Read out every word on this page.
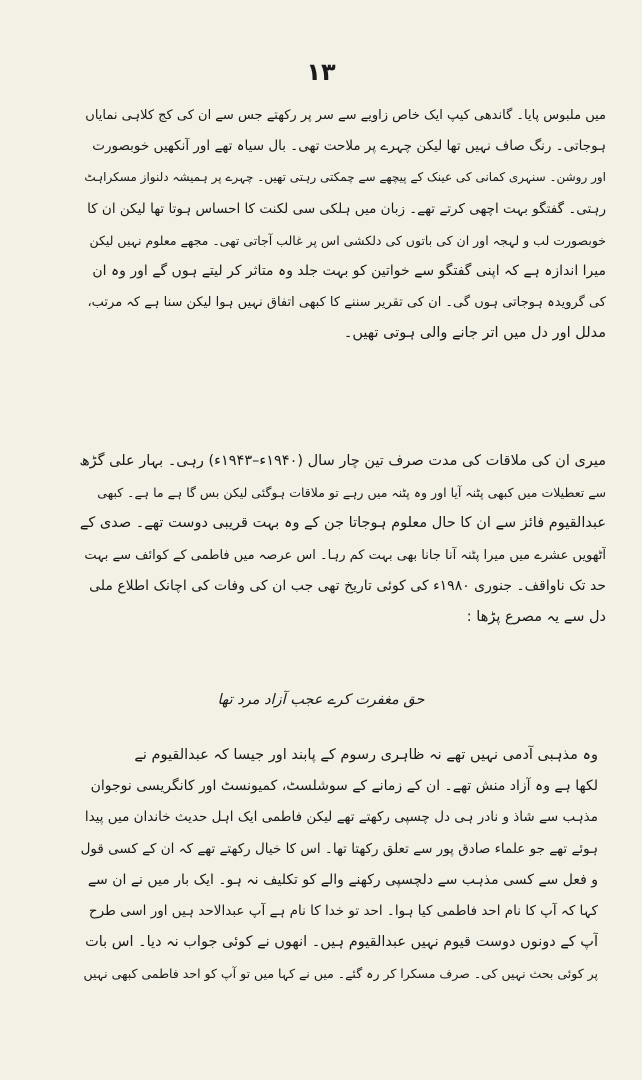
۱۳
میں ملبوس پایا۔ گاندھی کیپ ایک خاص زاویے سے سر پر رکھتے جس سے ان کی کج کلاہی نمایاں
ہوجاتی۔ رنگ صاف نہیں تھا لیکن چہرے پر ملاحت تھی۔ بال سیاہ تھے اور آنکھیں خوبصورت
اور روشن۔ سنہری کمانی کی عینک کے پیچھے سے چمکتی رہتی تھیں۔ چہرے پر ہمیشہ دلنواز مسکراہٹ
رہتی۔ گفتگو بہت اچھی کرتے تھے۔ زبان میں ہلکی سی لکنت کا احساس ہوتا تھا لیکن ان کا
خوبصورت لب و لہجہ اور ان کی باتوں کی دلکشی اس پر غالب آجاتی تھی۔ مجھے معلوم نہیں لیکن
میرا اندازہ ہے کہ اپنی گفتگو سے خواتین کو بہت جلد وہ متاثر کر لیتے ہوں گے اور وہ ان
کی گرویدہ ہوجاتی ہوں گی۔ ان کی تقریر سننے کا کبھی اتفاق نہیں ہوا لیکن سنا ہے کہ مرتب،
مدلل اور دل میں اتر جانے والی ہوتی تھیں۔
میری ان کی ملاقات کی مدت صرف تین چار سال (۱۹۴۰ء–۱۹۴۳ء) رہی۔ بہار علی گڑھ
سے تعطیلات میں کبھی پٹنہ آیا اور وہ پٹنہ میں رہے تو ملاقات ہوگئی لیکن بس گا ہے ما ہے۔ کبھی
عبدالقیوم فائز سے ان کا حال معلوم ہوجاتا جن کے وہ بہت قریبی دوست تھے۔ صدی کے
آٹھویں عشرے میں میرا پٹنہ آنا جانا بھی بہت کم رہا۔ اس عرصہ میں فاطمی کے کوائف سے بہت
حد تک ناواقف۔ جنوری ۱۹۸۰ء کی کوئی تاریخ تھی جب ان کی وفات کی اچانک اطلاع ملی
دل سے یہ مصرع پڑھا :
حق مغفرت کرے عجب آزاد مرد تھا
وہ مذہبی آدمی نہیں تھے نہ ظاہری رسوم کے پابند اور جیسا کہ عبدالقیوم نے
لکھا ہے وہ آزاد منش تھے۔ ان کے زمانے کے سوشلسٹ، کمیونسٹ اور کانگریسی نوجوان
مذہب سے شاذ و نادر ہی دل چسپی رکھتے تھے لیکن فاطمی ایک اہل حدیث خاندان میں پیدا
ہوئے تھے جو علماء صادق پور سے تعلق رکھتا تھا۔ اس کا خیال رکھتے تھے کہ ان کے کسی قول
و فعل سے کسی مذہب سے دلچسپی رکھنے والے کو تکلیف نہ ہو۔ ایک بار میں نے ان سے
کہا کہ آپ کا نام احد فاطمی کیا ہوا۔ احد تو خدا کا نام ہے آپ عبدالاحد ہیں اور اسی طرح
آپ کے دونوں دوست قیوم نہیں عبدالقیوم ہیں۔ انھوں نے کوئی جواب نہ دیا۔ اس بات
پر کوئی بحث نہیں کی۔ صرف مسکرا کر رہ گئے۔ میں نے کہا میں تو آپ کو احد فاطمی کبھی نہیں
